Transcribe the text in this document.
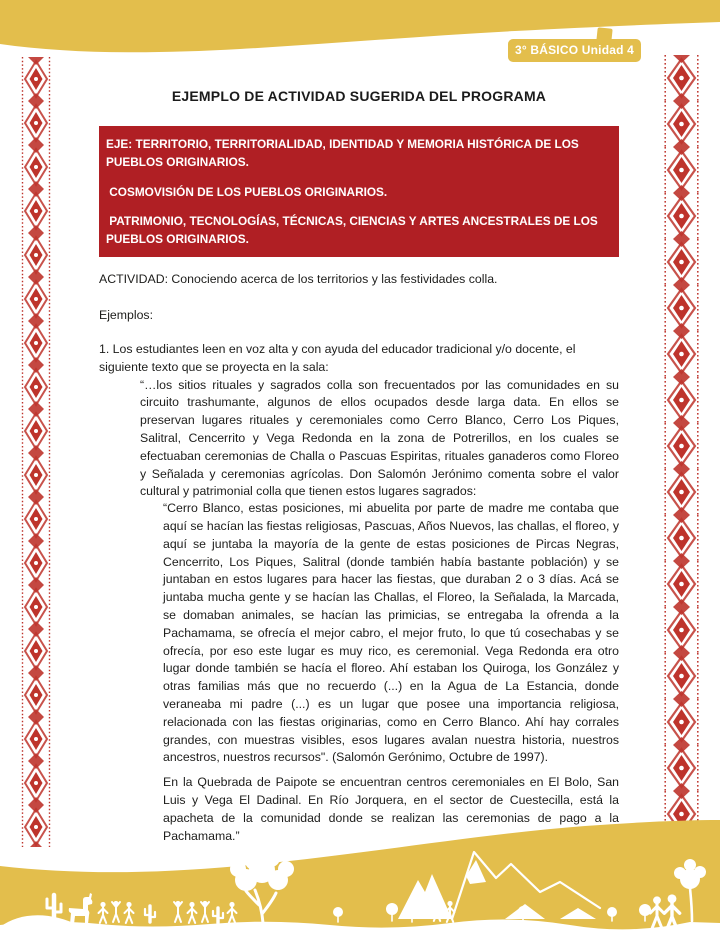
3° BÁSICO Unidad 4
EJEMPLO DE ACTIVIDAD SUGERIDA DEL PROGRAMA

EJE: TERRITORIO, TERRITORIALIDAD, IDENTIDAD Y MEMORIA HISTÓRICA DE LOS PUEBLOS ORIGINARIOS.

COSMOVISIÓN DE LOS PUEBLOS ORIGINARIOS.

PATRIMONIO, TECNOLOGÍAS, TÉCNICAS, CIENCIAS Y ARTES ANCESTRALES DE LOS PUEBLOS ORIGINARIOS.

ACTIVIDAD: Conociendo acerca de los territorios y las festividades colla.

Ejemplos:

1. Los estudiantes leen en voz alta y con ayuda del educador tradicional y/o docente, el siguiente texto que se proyecta en la sala:

“…los sitios rituales y sagrados colla son frecuentados por las comunidades en su circuito trashumante, algunos de ellos ocupados desde larga data. En ellos se preservan lugares rituales y ceremoniales como Cerro Blanco, Cerro Los Piques, Salitral, Cencerrito y Vega Redonda en la zona de Potrerillos, en los cuales se efectuaban ceremonias de Challa o Pascuas Espiritas, rituales ganaderos como Floreo y Señalada y ceremonias agrícolas. Don Salomón Jerónimo comenta sobre el valor cultural y patrimonial colla que tienen estos lugares sagrados:

“Cerro Blanco, estas posiciones, mi abuelita por parte de madre me contaba que aquí se hacían las fiestas religiosas, Pascuas, Años Nuevos, las challas, el floreo, y aquí se juntaba la mayoría de la gente de estas posiciones de Pircas Negras, Cencerrito, Los Piques, Salitral (donde también había bastante población) y se juntaban en estos lugares para hacer las fiestas, que duraban 2 o 3 días. Acá se juntaba mucha gente y se hacían las Challas, el Floreo, la Señalada, la Marcada, se domaban animales, se hacían las primicias, se entregaba la ofrenda a la Pachamama, se ofrecía el mejor cabro, el mejor fruto, lo que tú cosechabas y se ofrecía, por eso este lugar es muy rico, es ceremonial. Vega Redonda era otro lugar donde también se hacía el floreo. Ahí estaban los Quiroga, los González y otras familias más que no recuerdo (...) en la Agua de La Estancia, donde veraneaba mi padre (...) es un lugar que posee una importancia religiosa, relacionada con las fiestas originarias, como en Cerro Blanco. Ahí hay corrales grandes, con muestras visibles, esos lugares avalan nuestra historia, nuestros ancestros, nuestros recursos". (Salomón Gerónimo, Octubre de 1997).

En la Quebrada de Paipote se encuentran centros ceremoniales en El Bolo, San Luis y Vega El Dadinal. En Río Jorquera, en el sector de Cuestecilla, está la apacheta de la comunidad donde se realizan las ceremonias de pago a la Pachamama.”
